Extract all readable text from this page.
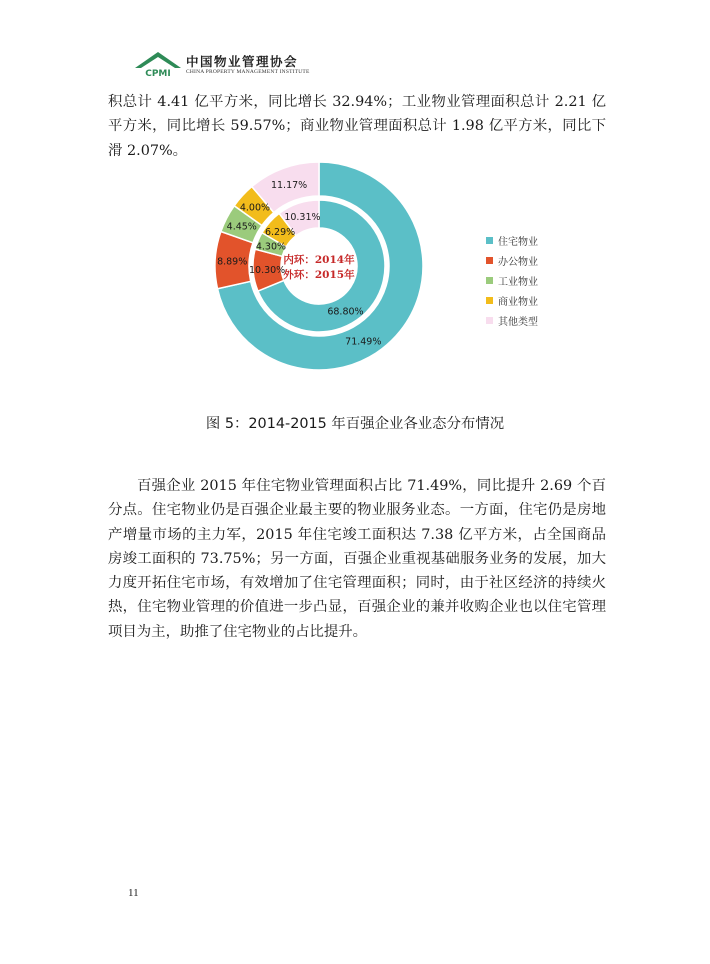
CPMI
中国物业管理协会
CHINA PROPERTY MANAGEMENT INSTITUTE

积总计 4.41 亿平方米，同比增长 32.94%；工业物业管理面积总计 2.21 亿平方米，同比增长 59.57%；商业物业管理面积总计 1.98 亿平方米，同比下滑 2.07%。

68.80%
10.30%
4.30%
6.29%
10.31%
71.49%
8.89%
4.45%
4.00%
11.17%
内环：2014年
外环：2015年
住宅物业
办公物业
工业物业
商业物业
其他类型
图 5：2014-2015 年百强企业各业态分布情况

百强企业 2015 年住宅物业管理面积占比 71.49%，同比提升 2.69 个百分点。住宅物业仍是百强企业最主要的物业服务业态。一方面，住宅仍是房地产增量市场的主力军，2015 年住宅竣工面积达 7.38 亿平方米，占全国商品房竣工面积的 73.75%；另一方面，百强企业重视基础服务业务的发展，加大力度开拓住宅市场，有效增加了住宅管理面积；同时，由于社区经济的持续火热，住宅物业管理的价值进一步凸显，百强企业的兼并收购企业也以住宅管理项目为主，助推了住宅物业的占比提升。

11
